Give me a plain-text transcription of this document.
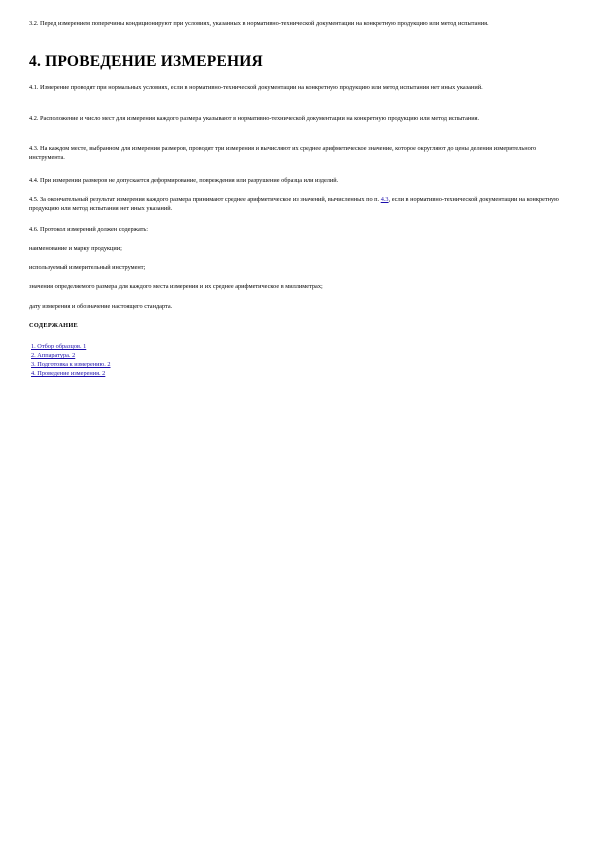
3.2. Перед измерением поперечины кондиционируют при условиях, указанных в нормативно-технической документации на конкретную продукцию или метод испытания.

4. ПРОВЕДЕНИЕ ИЗМЕРЕНИЯ

4.1. Измерение проводят при нормальных условиях, если в нормативно-технической документации на конкретную продукцию или метод испытания нет иных указаний.

4.2. Расположение и число мест для измерения каждого размера указывают в нормативно-технической документации на конкретную продукцию или метод испытания.

4.3. На каждом месте, выбранном для измерения размеров, проводят три измерения и вычисляют их среднее арифметическое значение, которое округляют до цены деления измерительного инструмента.

4.4. При измерении размеров не допускается деформирование, повреждения или разрушение образца или изделий.

4.5. За окончательный результат измерения каждого размера принимают среднее арифметическое из значений, вычисленных по п. 4.3, если в нормативно-технической документации на конкретную продукцию или метод испытания нет иных указаний.

4.6. Протокол измерений должен содержать:

наименование и марку продукции;

используемый измерительный инструмент;

значения определяемого размера для каждого места измерения и их среднее арифметическое в миллиметрах;

дату измерения и обозначение настоящего стандарта.

СОДЕРЖАНИЕ

1. Отбор образцов. 1
2. Аппаратура. 2
3. Подготовка к измерению. 2
4. Проведение измерения. 2
